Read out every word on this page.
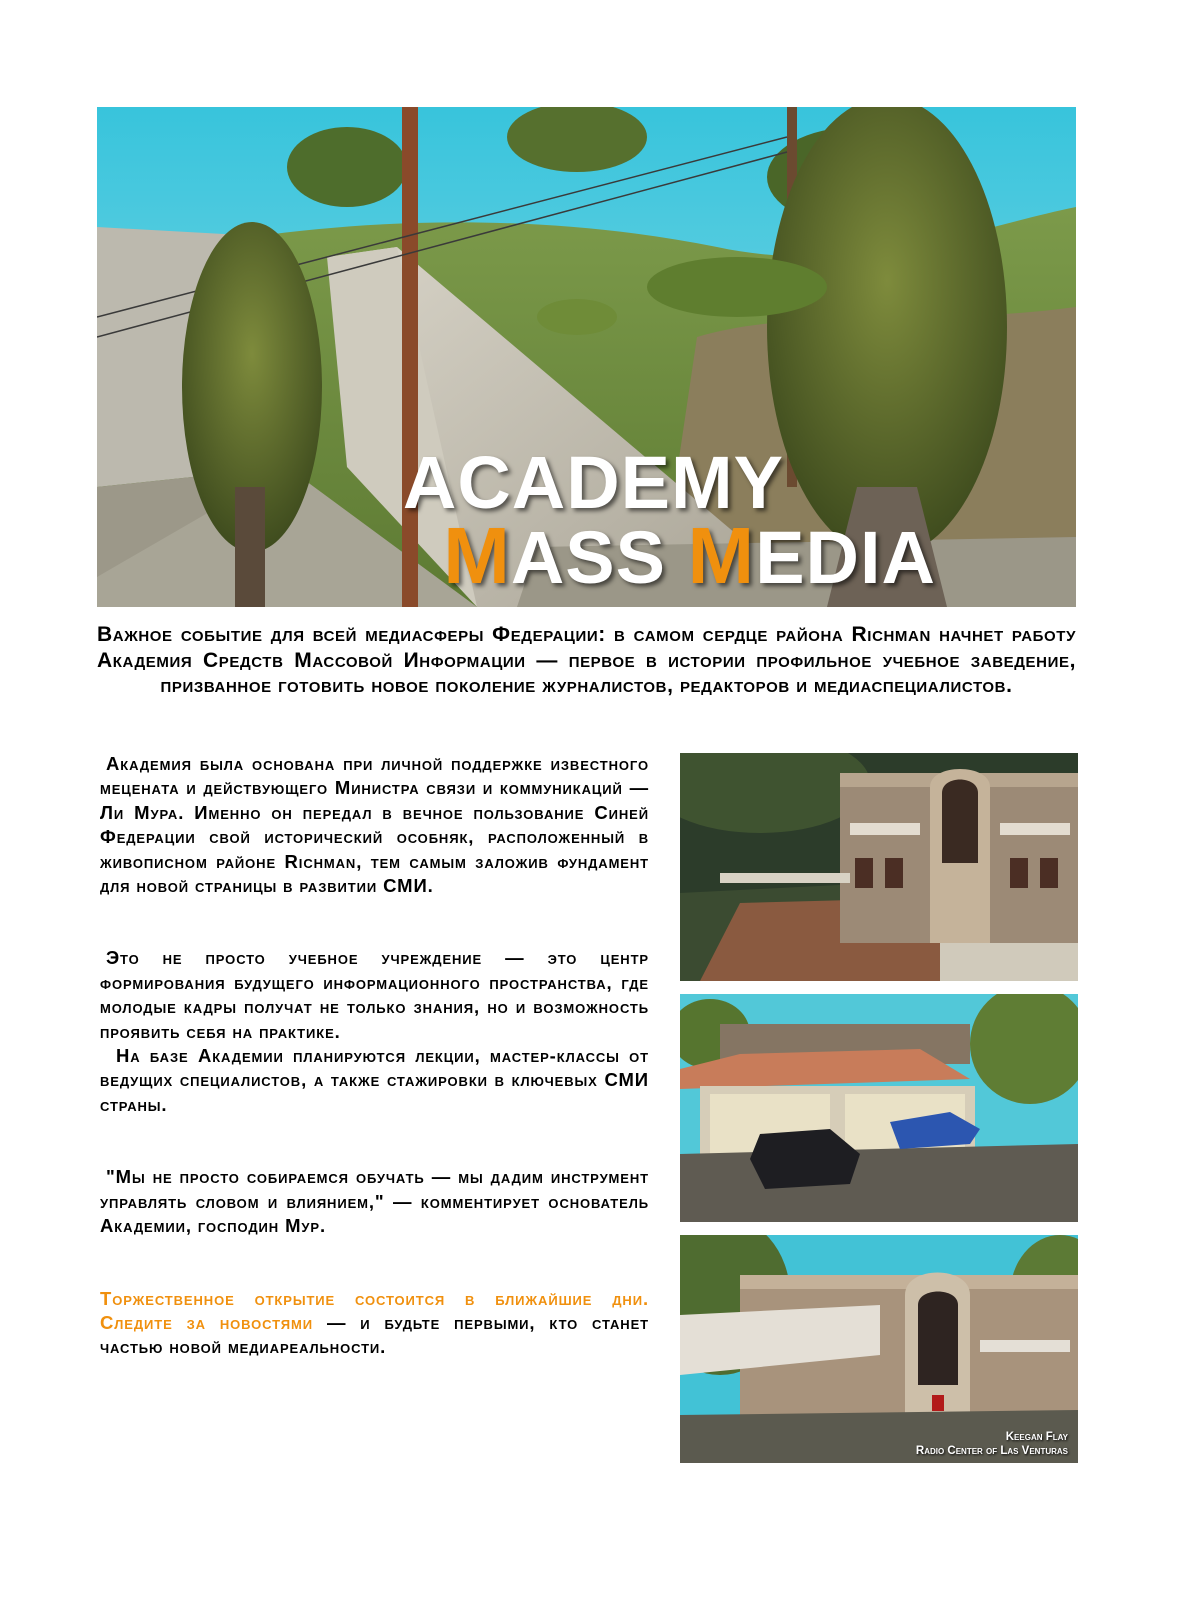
ACADEMY
MASS MEDIA
Важное событие для всей медиасферы Федерации: в самом сердце района Richman начнет работу Академия Средств Массовой Информации — первое в истории профильное учебное заведение, призванное готовить новое поколение журналистов, редакторов и медиаспециалистов.

Академия была основана при личной поддержке известного мецената и действующего Министра связи и коммуникаций — Ли Мура. Именно он передал в вечное пользование Синей Федерации свой исторический особняк, расположенный в живописном районе Richman, тем самым заложив фундамент для новой страницы в развитии СМИ.

Это не просто учебное учреждение — это центр формирования будущего информационного пространства, где молодые кадры получат не только знания, но и возможность проявить себя на практике.

На базе Академии планируются лекции, мастер-классы от ведущих специалистов, а также стажировки в ключевых СМИ страны.

"Мы не просто собираемся обучать — мы дадим инструмент управлять словом и влиянием," — комментирует основатель Академии, господин Мур.

Торжественное открытие состоится в ближайшие дни. Следите за новостями — и будьте первыми, кто станет частью новой медиареальности.

Keegan Flay
Radio Center of Las Venturas
